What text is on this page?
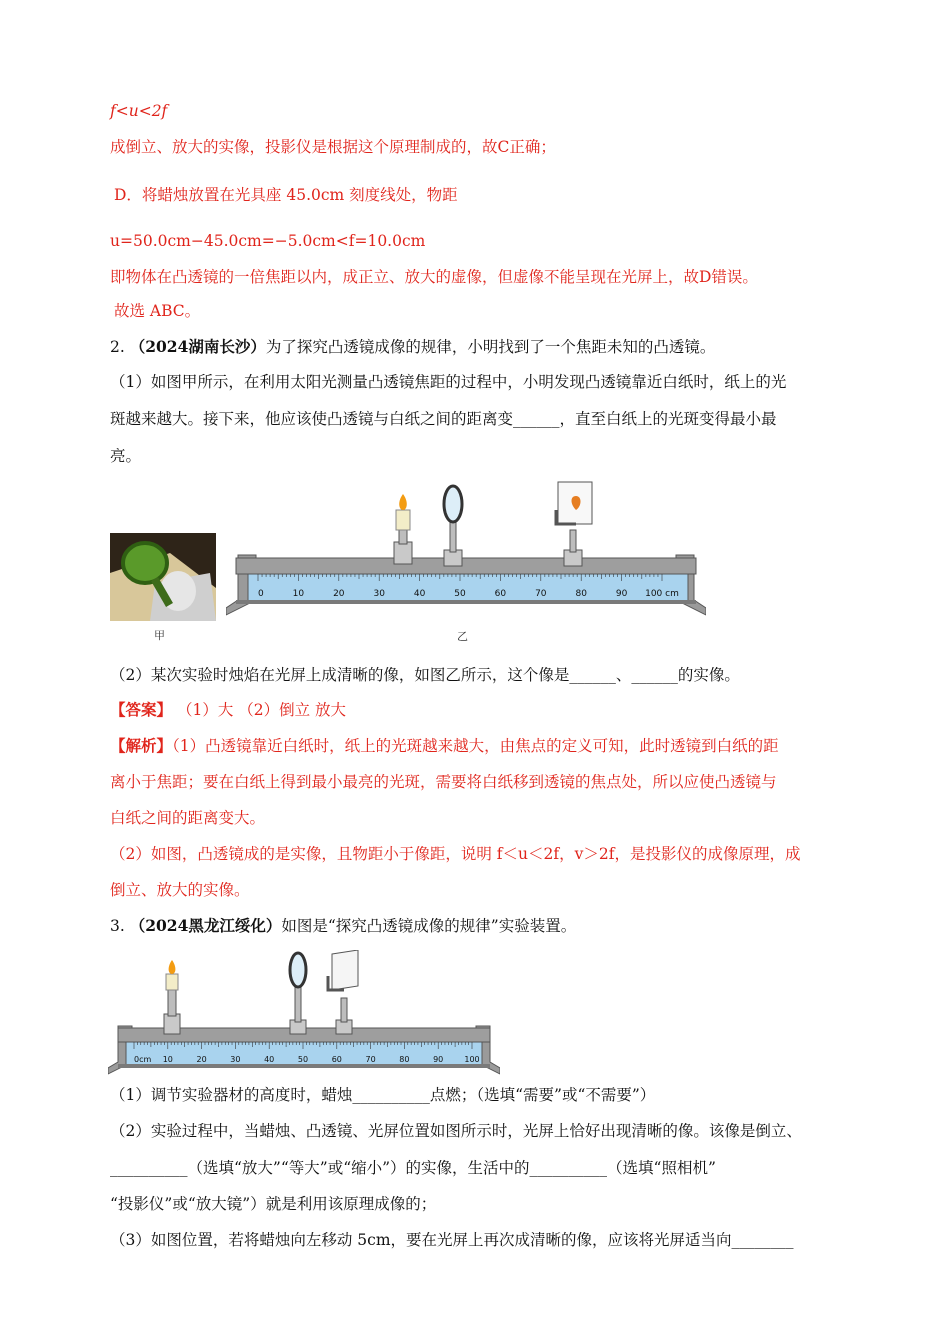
f<u<2f
成倒立、放大的实像，投影仪是根据这个原理制成的，故C正确；
D．将蜡烛放置在光具座 45.0cm 刻度线处，物距
u=50.0cm−45.0cm=−5.0cm<f=10.0cm
即物体在凸透镜的一倍焦距以内，成正立、放大的虚像，但虚像不能呈现在光屏上，故D错误。
故选 ABC。
2. （2024湖南长沙）为了探究凸透镜成像的规律，小明找到了一个焦距未知的凸透镜。
（1）如图甲所示，在利用太阳光测量凸透镜焦距的过程中，小明发现凸透镜靠近白纸时，纸上的光
斑越来越大。接下来，他应该使凸透镜与白纸之间的距离变______，直至白纸上的光斑变得最小最
亮。
甲
0	10	20	30	40	50	60	70	80	90 100 cm
乙
（2）某次实验时烛焰在光屏上成清晰的像，如图乙所示，这个像是______、______的实像。
【答案】 （1）大 （2）倒立 放大
【解析】（1）凸透镜靠近白纸时，纸上的光斑越来越大，由焦点的定义可知，此时透镜到白纸的距
离小于焦距；要在白纸上得到最小最亮的光斑，需要将白纸移到透镜的焦点处，所以应使凸透镜与
白纸之间的距离变大。
（2）如图，凸透镜成的是实像，且物距小于像距，说明 f＜u＜2f，v＞2f，是投影仪的成像原理，成
倒立、放大的实像。
3. （2024黑龙江绥化）如图是“探究凸透镜成像的规律”实验装置。
0cm 10	20	30	40	50	60	70	80	90	100
（1）调节实验器材的高度时，蜡烛__________点燃；（选填“需要”或“不需要”）
（2）实验过程中，当蜡烛、凸透镜、光屏位置如图所示时，光屏上恰好出现清晰的像。该像是倒立、
__________（选填“放大”“等大”或“缩小”）的实像，生活中的__________（选填“照相机”
“投影仪”或“放大镜”）就是利用该原理成像的；
（3）如图位置，若将蜡烛向左移动 5cm，要在光屏上再次成清晰的像，应该将光屏适当向________
